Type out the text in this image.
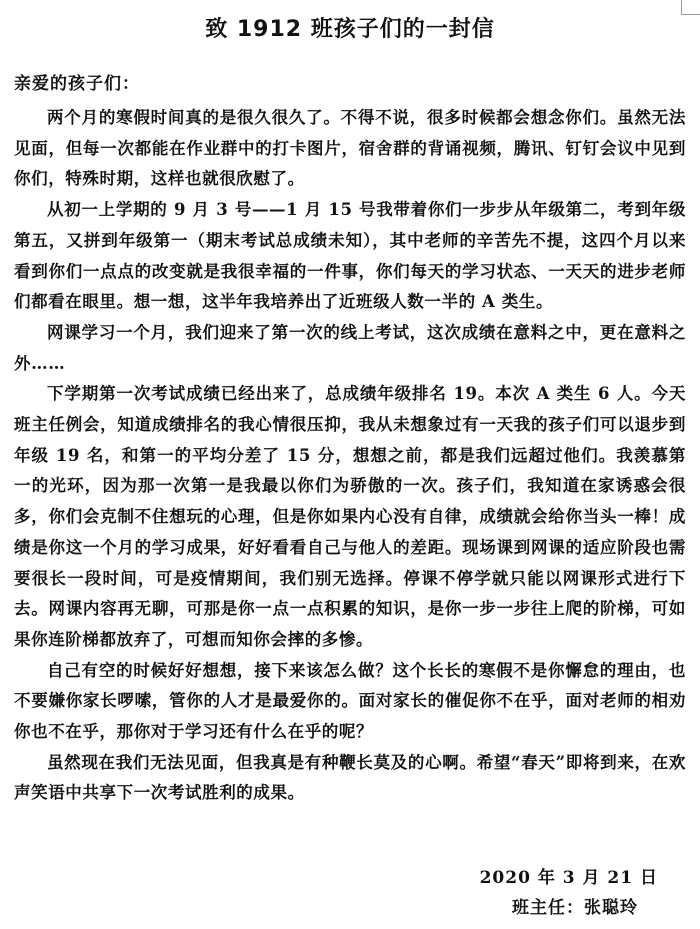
致 1912 班孩子们的一封信
亲爱的孩子们：

两个月的寒假时间真的是很久很久了。不得不说，很多时候都会想念你们。虽然无法见面，但每一次都能在作业群中的打卡图片，宿舍群的背诵视频，腾讯、钉钉会议中见到你们，特殊时期，这样也就很欣慰了。

从初一上学期的 9 月 3 号——1 月 15 号我带着你们一步步从年级第二，考到年级第五，又拼到年级第一（期末考试总成绩未知），其中老师的辛苦先不提，这四个月以来看到你们一点点的改变就是我很幸福的一件事，你们每天的学习状态、一天天的进步老师们都看在眼里。想一想，这半年我培养出了近班级人数一半的 A 类生。

网课学习一个月，我们迎来了第一次的线上考试，这次成绩在意料之中，更在意料之外……

下学期第一次考试成绩已经出来了，总成绩年级排名 19。本次 A 类生 6 人。今天班主任例会，知道成绩排名的我心情很压抑，我从未想象过有一天我的孩子们可以退步到年级 19 名，和第一的平均分差了 15 分，想想之前，都是我们远超过他们。我羡慕第一的光环，因为那一次第一是我最以你们为骄傲的一次。孩子们，我知道在家诱惑会很多，你们会克制不住想玩的心理，但是你如果内心没有自律，成绩就会给你当头一棒！成绩是你这一个月的学习成果，好好看看自己与他人的差距。现场课到网课的适应阶段也需要很长一段时间，可是疫情期间，我们别无选择。停课不停学就只能以网课形式进行下去。网课内容再无聊，可那是你一点一点积累的知识，是你一步一步往上爬的阶梯，可如果你连阶梯都放弃了，可想而知你会摔的多惨。

自己有空的时候好好想想，接下来该怎么做？这个长长的寒假不是你懈怠的理由，也不要嫌你家长啰嗦，管你的人才是最爱你的。面对家长的催促你不在乎，面对老师的相劝你也不在乎，那你对于学习还有什么在乎的呢？

虽然现在我们无法见面，但我真是有种鞭长莫及的心啊。希望“春天”即将到来，在欢声笑语中共享下一次考试胜利的成果。

2020 年 3 月 21 日
班主任：张聪玲
